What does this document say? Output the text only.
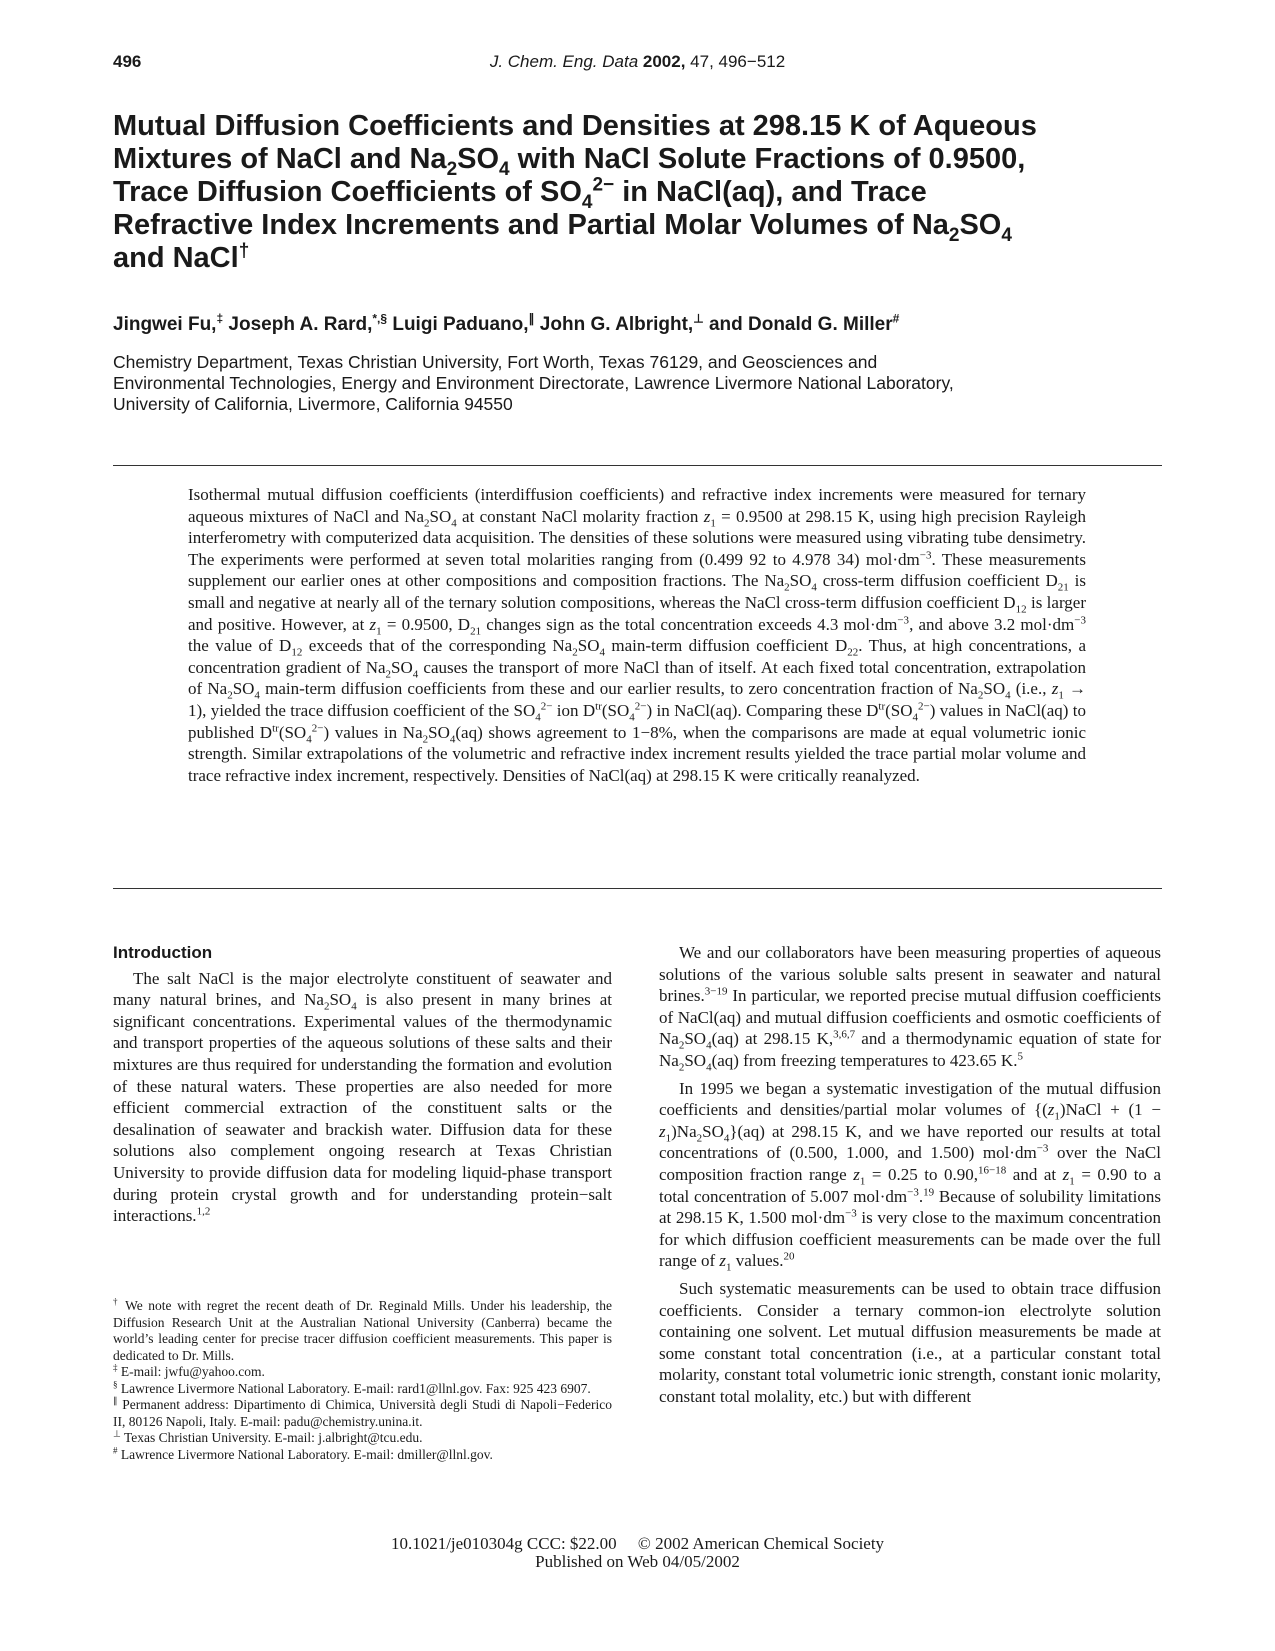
496	J. Chem. Eng. Data 2002, 47, 496−512
Mutual Diffusion Coefficients and Densities at 298.15 K of Aqueous
Mixtures of NaCl and $Na_2SO_4$ with NaCl Solute Fractions of 0.9500,
Trace Diffusion Coefficients of $SO_4^{2-}$ in NaCl(aq), and Trace
Refractive Index Increments and Partial Molar Volumes of $Na_2SO_4$
and NaCl†
Jingwei Fu,‡ Joseph A. Rard,*,§ Luigi Paduano,∥ John G. Albright,⊥ and Donald G. Miller#
Chemistry Department, Texas Christian University, Fort Worth, Texas 76129, and Geosciences and
Environmental Technologies, Energy and Environment Directorate, Lawrence Livermore National Laboratory,
University of California, Livermore, California 94550
Isothermal mutual diffusion coefficients (interdiffusion coefficients) and refractive index increments were measured for ternary aqueous mixtures of NaCl and $Na_2SO_4$ at constant NaCl molarity fraction $z_1 = 0.9500$ at 298.15 K, using high precision Rayleigh interferometry with computerized data acquisition. The densities of these solutions were measured using vibrating tube densimetry. The experiments were performed at seven total molarities ranging from (0.499 92 to 4.978 34) $mol\cdot dm^{-3}$. These measurements supplement our earlier ones at other compositions and composition fractions. The $Na_2SO_4$ cross-term diffusion coefficient $D_{21}$ is small and negative at nearly all of the ternary solution compositions, whereas the NaCl cross-term diffusion coefficient $D_{12}$ is larger and positive. However, at $z_1 = 0.9500$, $D_{21}$ changes sign as the total concentration exceeds 4.3 $mol\cdot dm^{-3}$, and above 3.2 $mol\cdot dm^{-3}$ the value of $D_{12}$ exceeds that of the corresponding $Na_2SO_4$ main-term diffusion coefficient $D_{22}$. Thus, at high concentrations, a concentration gradient of $Na_2SO_4$ causes the transport of more NaCl than of itself. At each fixed total concentration, extrapolation of $Na_2SO_4$ main-term diffusion coefficients from these and our earlier results, to zero concentration fraction of $Na_2SO_4$ (i.e., $z_1 \to 1$), yielded the trace diffusion coefficient of the $SO_4^{2-}$ ion $D^{tr}(SO_4^{2-})$ in NaCl(aq). Comparing these $D^{tr}(SO_4^{2-})$ values in NaCl(aq) to published $D^{tr}(SO_4^{2-})$ values in $Na_2SO_4(aq)$ shows agreement to 1−8%, when the comparisons are made at equal volumetric ionic strength. Similar extrapolations of the volumetric and refractive index increment results yielded the trace partial molar volume and trace refractive index increment, respectively. Densities of NaCl(aq) at 298.15 K were critically reanalyzed.
Introduction

The salt NaCl is the major electrolyte constituent of seawater and many natural brines, and $Na_2SO_4$ is also present in many brines at significant concentrations. Experimental values of the thermodynamic and transport properties of the aqueous solutions of these salts and their mixtures are thus required for understanding the formation and evolution of these natural waters. These properties are also needed for more efficient commercial extraction of the constituent salts or the desalination of seawater and brackish water. Diffusion data for these solutions also complement ongoing research at Texas Christian University to provide diffusion data for modeling liquid-phase transport during protein crystal growth and for understanding protein−salt interactions.$^{1,2}$

† We note with regret the recent death of Dr. Reginald Mills. Under his leadership, the Diffusion Research Unit at the Australian National University (Canberra) became the world’s leading center for precise tracer diffusion coefficient measurements. This paper is dedicated to Dr. Mills.
‡ E-mail: jwfu@yahoo.com.
§ Lawrence Livermore National Laboratory. E-mail: rard1@llnl.gov. Fax: 925 423 6907.
∥ Permanent address: Dipartimento di Chimica, Università degli Studi di Napoli−Federico II, 80126 Napoli, Italy. E-mail: padu@chemistry.unina.it.
⊥ Texas Christian University. E-mail: j.albright@tcu.edu.
# Lawrence Livermore National Laboratory. E-mail: dmiller@llnl.gov.

We and our collaborators have been measuring properties of aqueous solutions of the various soluble salts present in seawater and natural brines.$^{3-19}$ In particular, we reported precise mutual diffusion coefficients of NaCl(aq) and mutual diffusion coefficients and osmotic coefficients of $Na_2SO_4(aq)$ at 298.15 K,$^{3,6,7}$ and a thermodynamic equation of state for $Na_2SO_4(aq)$ from freezing temperatures to 423.65 K.$^5$

In 1995 we began a systematic investigation of the mutual diffusion coefficients and densities/partial molar volumes of $\{(z_1)NaCl + (1 - z_1)Na_2SO_4\}(aq)$ at 298.15 K, and we have reported our results at total concentrations of (0.500, 1.000, and 1.500) $mol\cdot dm^{-3}$ over the NaCl composition fraction range $z_1 = 0.25$ to 0.90,$^{16-18}$ and at $z_1 = 0.90$ to a total concentration of 5.007 $mol\cdot dm^{-3}.^{19}$ Because of solubility limitations at 298.15 K, 1.500 $mol\cdot dm^{-3}$ is very close to the maximum concentration for which diffusion coefficient measurements can be made over the full range of $z_1$ values.$^{20}$

Such systematic measurements can be used to obtain trace diffusion coefficients. Consider a ternary common-ion electrolyte solution containing one solvent. Let mutual diffusion measurements be made at some constant total concentration (i.e., at a particular constant total molarity, constant total volumetric ionic strength, constant ionic molarity, constant total molality, etc.) but with different

10.1021/je010304g CCC: $22.00 © 2002 American Chemical Society
Published on Web 04/05/2002
